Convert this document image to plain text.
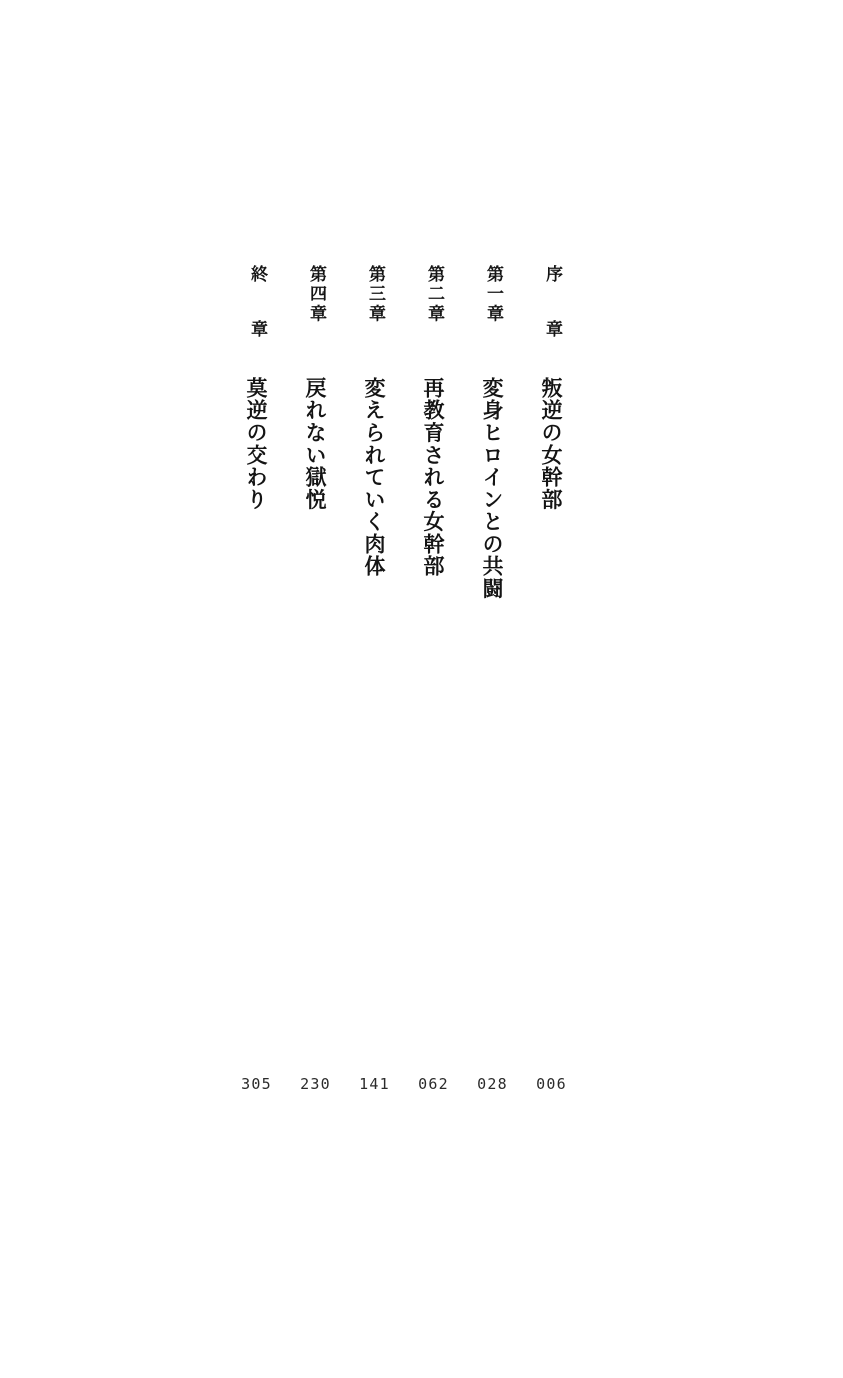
序　章
叛逆の女幹部
006
第一章
変身ヒロインとの共闘
028
第二章
再教育される女幹部
062
第三章
変えられていく肉体
141
第四章
戻れない獄悦
230
終　章
莫逆の交わり
305
